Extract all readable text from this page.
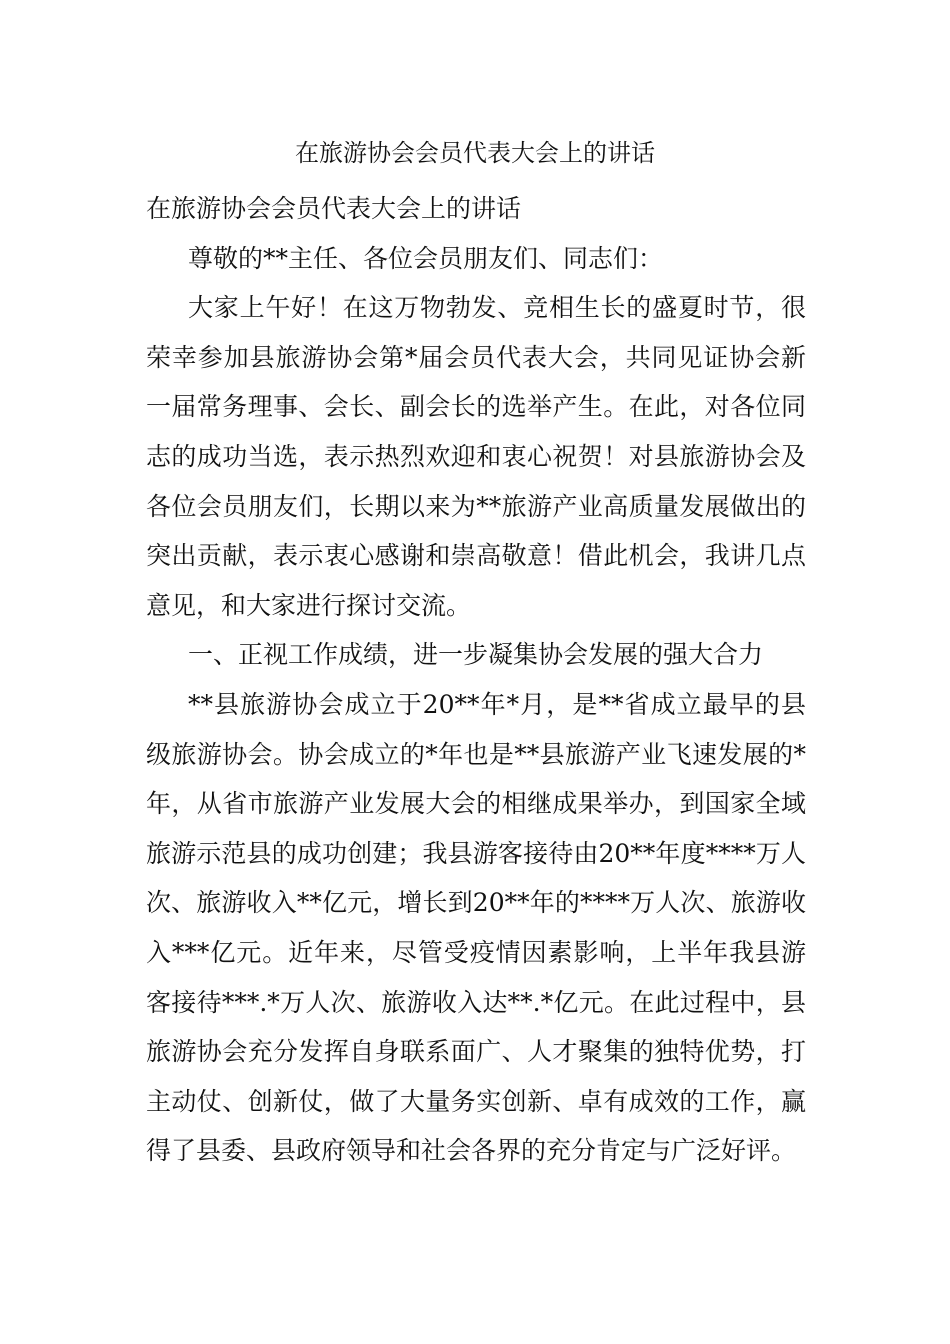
在旅游协会会员代表大会上的讲话

在旅游协会会员代表大会上的讲话

尊敬的**主任、各位会员朋友们、同志们：

大家上午好！在这万物勃发、竞相生长的盛夏时节，很荣幸参加县旅游协会第*届会员代表大会，共同见证协会新一届常务理事、会长、副会长的选举产生。在此，对各位同志的成功当选，表示热烈欢迎和衷心祝贺！对县旅游协会及各位会员朋友们，长期以来为**旅游产业高质量发展做出的突出贡献，表示衷心感谢和崇高敬意！借此机会，我讲几点意见，和大家进行探讨交流。

一、正视工作成绩，进一步凝集协会发展的强大合力

**县旅游协会成立于20**年*月，是**省成立最早的县级旅游协会。协会成立的*年也是**县旅游产业飞速发展的*年，从省市旅游产业发展大会的相继成果举办，到国家全域旅游示范县的成功创建；我县游客接待由20**年度****万人次、旅游收入**亿元，增长到20**年的****万人次、旅游收入***亿元。近年来，尽管受疫情因素影响，上半年我县游客接待***.*万人次、旅游收入达**.*亿元。在此过程中，县旅游协会充分发挥自身联系面广、人才聚集的独特优势，打主动仗、创新仗，做了大量务实创新、卓有成效的工作，赢得了县委、县政府领导和社会各界的充分肯定与广泛好评。
